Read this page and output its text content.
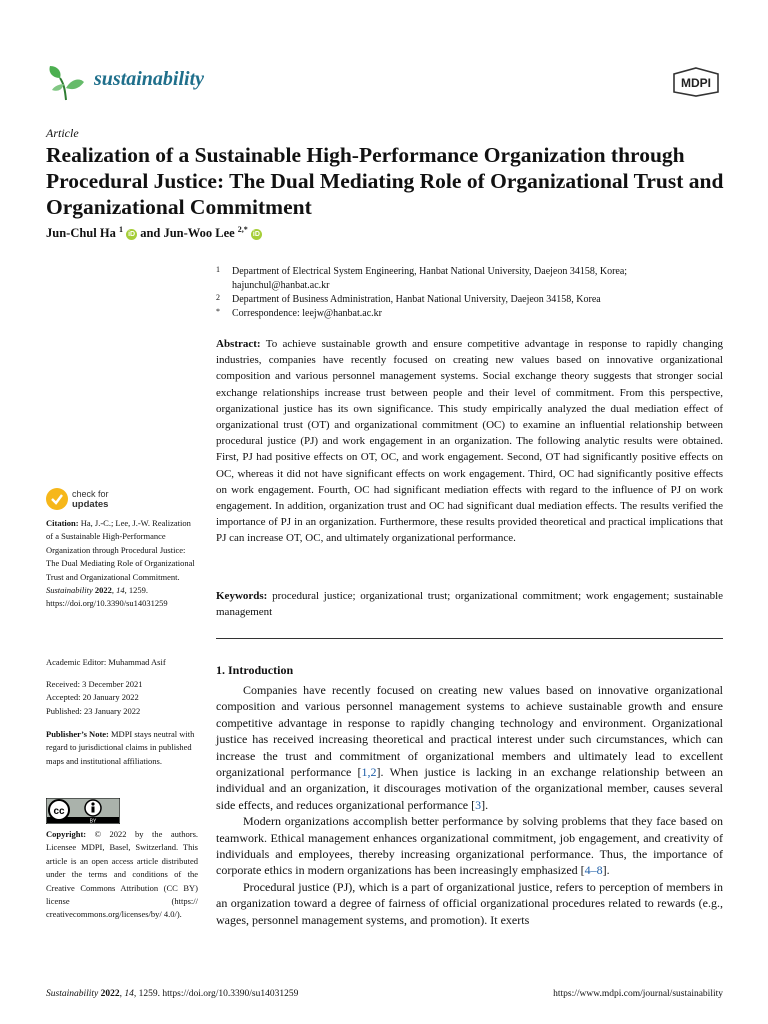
sustainability	MDPI
Article
Realization of a Sustainable High-Performance Organization through Procedural Justice: The Dual Mediating Role of Organizational Trust and Organizational Commitment
Jun-Chul Ha $^1$ iD and Jun-Woo Lee $^{2,*}$ iD
1 Department of Electrical System Engineering, Hanbat National University, Daejeon 34158, Korea; hajunchul@hanbat.ac.kr
2 Department of Business Administration, Hanbat National University, Daejeon 34158, Korea
* Correspondence: leejw@hanbat.ac.kr
Abstract: To achieve sustainable growth and ensure competitive advantage in response to rapidly changing industries, companies have recently focused on creating new values based on innovative organizational composition and various personnel management systems. Social exchange theory suggests that stronger social exchange relationships increase trust between people and their level of commitment. From this perspective, organizational justice has its own significance. This study empirically analyzed the dual mediation effect of organizational trust (OT) and organizational commitment (OC) to examine an influential relationship between procedural justice (PJ) and work engagement in an organization. The following analytic results were obtained. First, PJ had positive effects on OT, OC, and work engagement. Second, OT had significantly positive effects on OC, whereas it did not have significant effects on work engagement. Third, OC had significantly positive effects on work engagement. Fourth, OC had significant mediation effects with regard to the influence of PJ on work engagement. In addition, organization trust and OC had significant dual mediation effects. The results verified the importance of PJ in an organization. Furthermore, these results provided theoretical and practical implications that PJ can increase OT, OC, and ultimately organizational performance.
Keywords: procedural justice; organizational trust; organizational commitment; work engagement; sustainable management
1. Introduction

Companies have recently focused on creating new values based on innovative organizational composition and various personnel management systems to achieve sustainable growth and ensure competitive advantage in response to rapidly changing technology and environment. Organizational justice has received increasing theoretical and practical interest under such circumstances, which can increase the trust and commitment of organizational members and ultimately lead to excellent organizational performance [1,2]. When justice is lacking in an exchange relationship between an individual and an organization, it discourages motivation of the organizational member, causes several side effects, and reduces organizational performance [3].

Modern organizations accomplish better performance by solving problems that they face based on teamwork. Ethical management enhances organizational commitment, job engagement, and creativity of individuals and employees, thereby increasing organizational performance. Thus, the importance of corporate ethics in modern organizations has been increasingly emphasized [4–8].

Procedural justice (PJ), which is a part of organizational justice, refers to perception of members in an organization toward a degree of fairness of official organizational procedures related to rewards (e.g., wages, personnel management systems, and promotion). It exerts

check for
updates
Citation: Ha, J.-C.; Lee, J.-W. Realization of a Sustainable High-Performance Organization through Procedural Justice: The Dual Mediating Role of Organizational Trust and Organizational Commitment. Sustainability 2022, 14, 1259. https://doi.org/10.3390/su14031259
Academic Editor: Muhammad Asif
Received: 3 December 2021
Accepted: 20 January 2022
Published: 23 January 2022
Publisher’s Note: MDPI stays neutral with regard to jurisdictional claims in published maps and institutional affiliations.
cc
BY
Copyright: © 2022 by the authors. Licensee MDPI, Basel, Switzerland. This article is an open access article distributed under the terms and conditions of the Creative Commons Attribution (CC BY) license (https:// creativecommons.org/licenses/by/ 4.0/).
Sustainability 2022, 14, 1259. https://doi.org/10.3390/su14031259	https://www.mdpi.com/journal/sustainability
